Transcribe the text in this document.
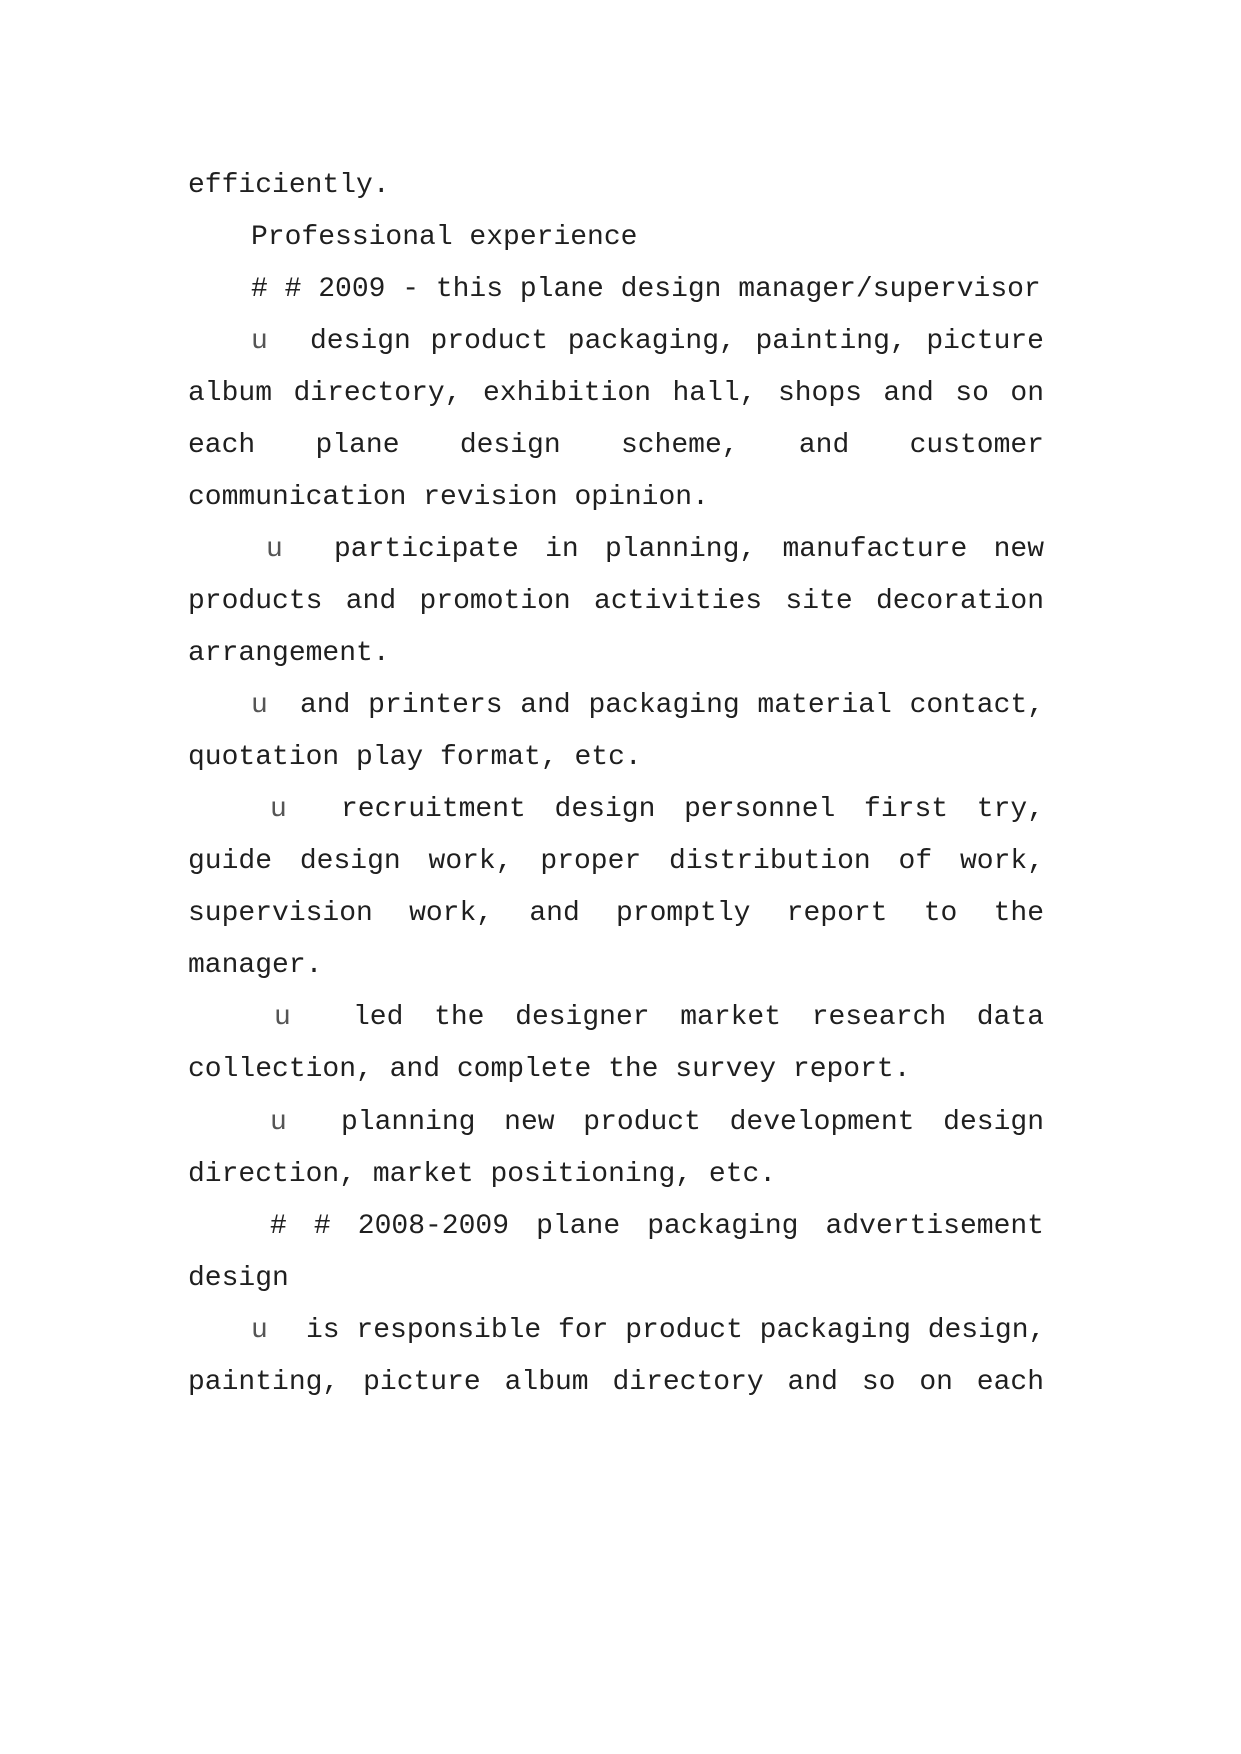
efficiently.

Professional experience

# # 2009 - this plane design manager/supervisor

u	design product packaging, painting, picture

album directory, exhibition hall, shops and so on

each plane design scheme, and customer

communication revision opinion.

u	participate in planning, manufacture new

products and promotion activities site decoration

arrangement.

u	and printers and packaging material contact,

quotation play format, etc.

u	recruitment design personnel first try,

guide design work, proper distribution of work,

supervision work, and promptly report to the

manager.

u	led the designer market research data

collection, and complete the survey report.

u	planning new product development design

direction, market positioning, etc.

# # 2008-2009 plane packaging advertisement

design

u	is responsible for product packaging design,

painting, picture album directory and so on each
